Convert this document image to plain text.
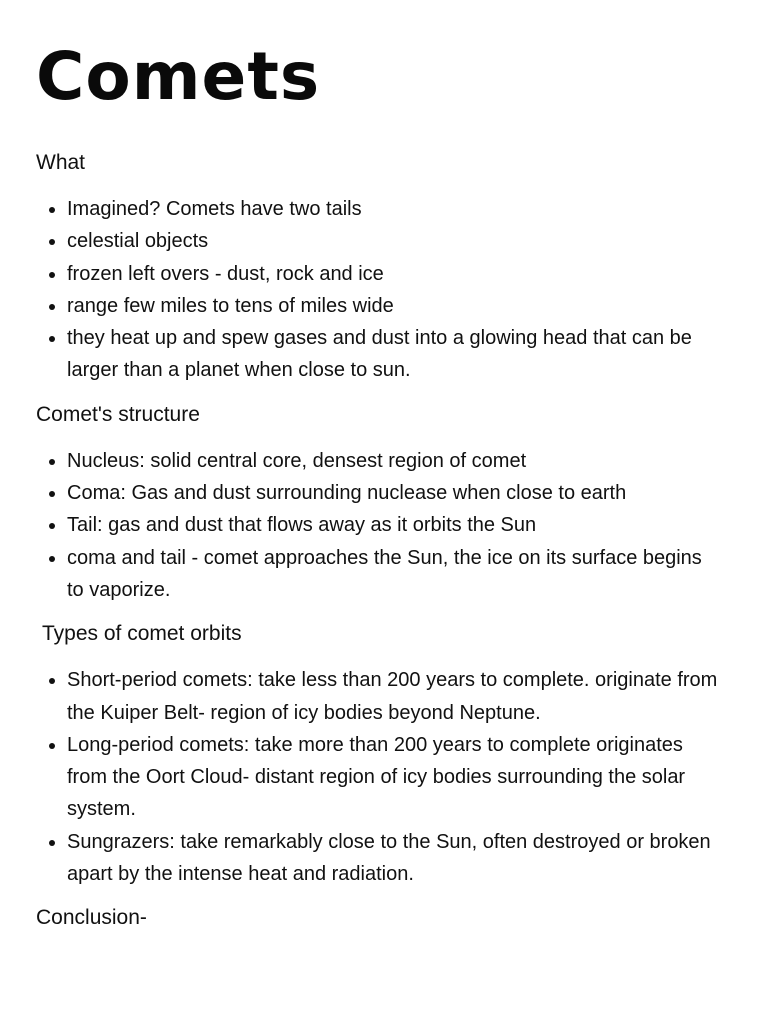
Comets
What
Imagined? Comets have two tails
celestial objects
frozen left overs - dust, rock and ice
range few miles to tens of miles wide
they heat up and spew gases and dust into a glowing head that can be larger than a planet when close to sun.
Comet's structure
Nucleus: solid central core, densest region of comet
Coma: Gas and dust surrounding nuclease when close to earth
Tail: gas and dust that flows away as it orbits the Sun
coma and tail - comet approaches the Sun, the ice on its surface begins to vaporize.
Types of comet orbits
Short-period comets: take less than 200 years to complete. originate from the Kuiper Belt- region of icy bodies beyond Neptune.
Long-period comets: take more than 200 years to complete originates from the Oort Cloud- distant region of icy bodies surrounding the solar system.
Sungrazers: take remarkably close to the Sun, often destroyed or broken apart by the intense heat and radiation.
Conclusion-
